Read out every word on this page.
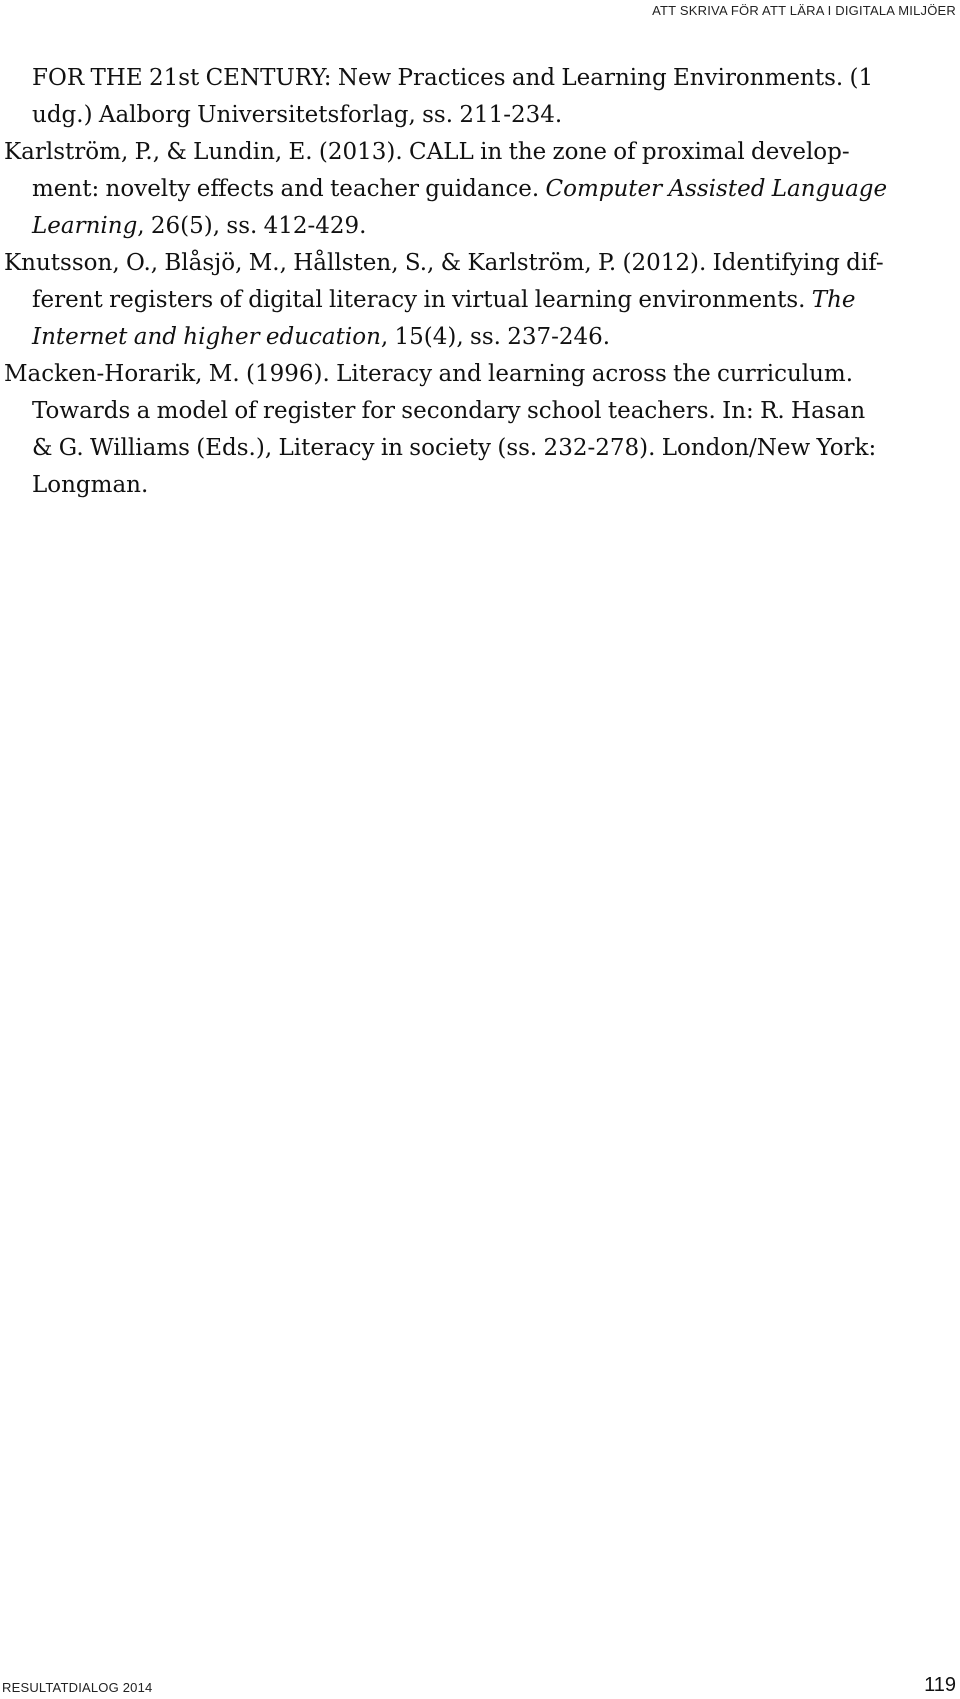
ATT SKRIVA FÖR ATT LÄRA I DIGITALA MILJÖER
FOR THE 21st CENTURY: New Practices and Learning Environments. (1
udg.) Aalborg Universitetsforlag, ss. 211-234.
Karlström, P., & Lundin, E. (2013). CALL in the zone of proximal develop-
ment: novelty effects and teacher guidance. Computer Assisted Language
Learning, 26(5), ss. 412-429.
Knutsson, O., Blåsjö, M., Hållsten, S., & Karlström, P. (2012). Identifying dif-
ferent registers of digital literacy in virtual learning environments. The
Internet and higher education, 15(4), ss. 237-246.
Macken-Horarik, M. (1996). Literacy and learning across the curriculum.
Towards a model of register for secondary school teachers. In: R. Hasan
& G. Williams (Eds.), Literacy in society (ss. 232-278). London/New York:
Longman.
RESULTATDIALOG 2014	119
